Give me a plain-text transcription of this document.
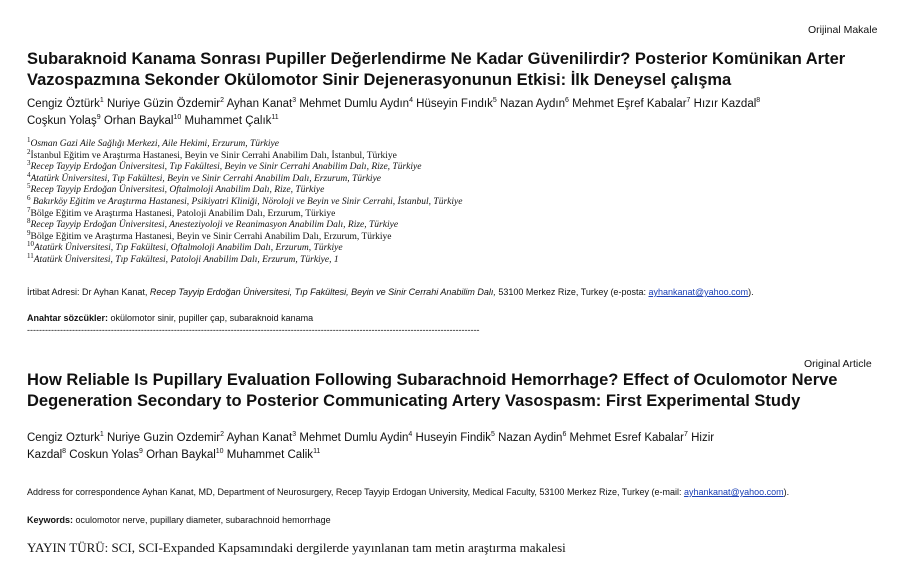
Orijinal Makale
Subaraknoid Kanama Sonrası Pupiller Değerlendirme Ne Kadar Güvenilirdir? Posterior Komünikan Arter
Vazospazmına Sekonder Okülomotor Sinir Dejenerasyonunun Etkisi: İlk Deneysel çalışma
Cengiz Öztürk$^1$ Nuriye Güzin Özdemir$^2$ Ayhan Kanat$^3$ Mehmet Dumlu Aydın$^4$ Hüseyin Fındık$^5$ Nazan Aydın$^6$ Mehmet Eşref Kabalar$^7$ Hızır Kazdal$^8$
Coşkun Yolaş$^9$ Orhan Baykal$^{10}$ Muhammet Çalık$^{11}$
$^1$Osman Gazi Aile Sağlığı Merkezi, Aile Hekimi, Erzurum, Türkiye
$^2$İstanbul Eğitim ve Araştırma Hastanesi, Beyin ve Sinir Cerrahi Anabilim Dalı, İstanbul, Türkiye
$^3$Recep Tayyip Erdoğan Üniversitesi, Tıp Fakültesi, Beyin ve Sinir Cerrahi Anabilim Dalı, Rize, Türkiye
$^4$Atatürk Üniversitesi, Tıp Fakültesi, Beyin ve Sinir Cerrahi Anabilim Dalı, Erzurum, Türkiye
$^5$Recep Tayyip Erdoğan Üniversitesi, Oftalmoloji Anabilim Dalı, Rize, Türkiye
$^6$ Bakırköy Eğitim ve Araştırma Hastanesi, Psikiyatri Kliniği, Nöroloji ve Beyin ve Sinir Cerrahi, İstanbul, Türkiye
$^7$Bölge Eğitim ve Araştırma Hastanesi, Patoloji Anabilim Dalı, Erzurum, Türkiye
$^8$Recep Tayyip Erdoğan Üniversitesi, Anesteziyoloji ve Reanimasyon Anabilim Dalı, Rize, Türkiye
$^9$Bölge Eğitim ve Araştırma Hastanesi, Beyin ve Sinir Cerrahi Anabilim Dalı, Erzurum, Türkiye
$^{10}$Atatürk Üniversitesi, Tıp Fakültesi, Oftalmoloji Anabilim Dalı, Erzurum, Türkiye
$^{11}$Atatürk Üniversitesi, Tıp Fakültesi, Patoloji Anabilim Dalı, Erzurum, Türkiye, 1
İrtibat Adresi: Dr Ayhan Kanat, Recep Tayyip Erdoğan Üniversitesi, Tıp Fakültesi, Beyin ve Sinir Cerrahi Anabilim Dalı, 53100 Merkez Rize, Turkey (e-posta: ayhankanat@yahoo.com).
Anahtar sözcükler: okülomotor sinir, pupiller çap, subaraknoid kanama
-------------------------------------------------------------------------------------------------------------------------------------------------------
Original Article
How Reliable Is Pupillary Evaluation Following Subarachnoid Hemorrhage? Effect of Oculomotor Nerve
Degeneration Secondary to Posterior Communicating Artery Vasospasm: First Experimental Study
Cengiz Ozturk$^1$ Nuriye Guzin Ozdemir$^2$ Ayhan Kanat$^3$ Mehmet Dumlu Aydin$^4$ Huseyin Findik$^5$ Nazan Aydin$^6$ Mehmet Esref Kabalar$^7$ Hizir
Kazdal$^8$ Coskun Yolas$^9$ Orhan Baykal$^{10}$ Muhammet Calik$^{11}$
Address for correspondence Ayhan Kanat, MD, Department of Neurosurgery, Recep Tayyip Erdogan University, Medical Faculty, 53100 Merkez Rize, Turkey (e-mail: ayhankanat@yahoo.com).
Keywords: oculomotor nerve, pupillary diameter, subarachnoid hemorrhage
YAYIN TÜRÜ: SCI, SCI-Expanded Kapsamındaki dergilerde yayınlanan tam metin araştırma makalesi
